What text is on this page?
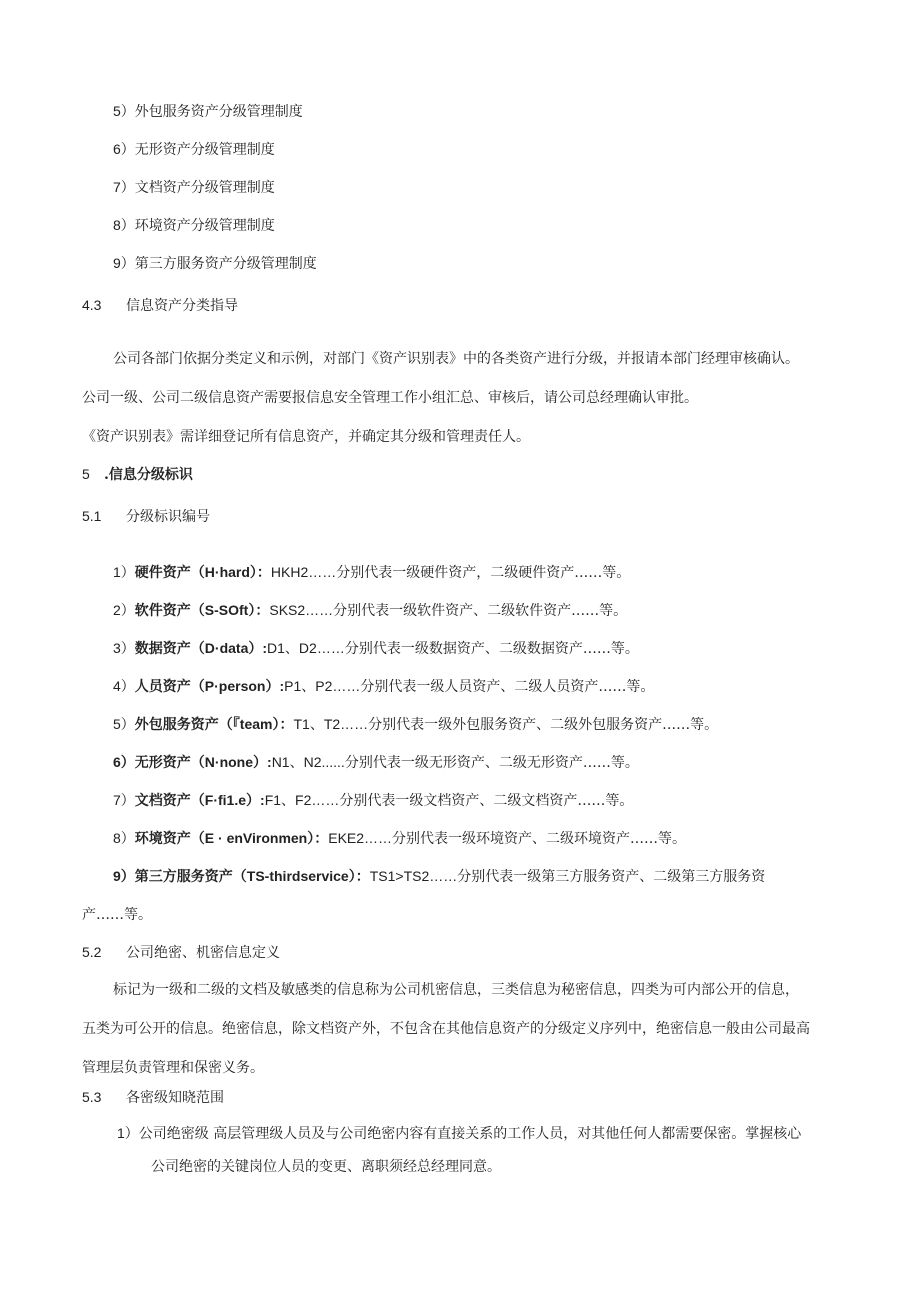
5）外包服务资产分级管理制度
6）无形资产分级管理制度
7）文档资产分级管理制度
8）环境资产分级管理制度
9）第三方服务资产分级管理制度
4.3 信息资产分类指导
公司各部门依据分类定义和示例，对部门《资产识别表》中的各类资产进行分级，并报请本部门经理审核确认。
公司一级、公司二级信息资产需要报信息安全管理工作小组汇总、审核后，请公司总经理确认审批。
《资产识别表》需详细登记所有信息资产，并确定其分级和管理责任人。
5 .信息分级标识
5.1 分级标识编号
1）硬件资产（H·hard）：HKH2……分别代表一级硬件资产，二级硬件资产……等。
2）软件资产（S-SOft）：SKS2……分别代表一级软件资产、二级软件资产……等。
3）数据资产（D·data）:D1、D2……分别代表一级数据资产、二级数据资产……等。
4）人员资产（P·person）:P1、P2……分别代表一级人员资产、二级人员资产……等。
5）外包服务资产（『team）：T1、T2……分别代表一级外包服务资产、二级外包服务资产……等。
6）无形资产（N·none）:N1、N2......分别代表一级无形资产、二级无形资产……等。
7）文档资产（F·fi1.e）:F1、F2……分别代表一级文档资产、二级文档资产……等。
8）环境资产（E · enVironmen）：EKE2……分别代表一级环境资产、二级环境资产……等。
9）第三方服务资产（TS-thirdservice）：TS1>TS2……分别代表一级第三方服务资产、二级第三方服务资
产……等。
5.2 公司绝密、机密信息定义
标记为一级和二级的文档及敏感类的信息称为公司机密信息，三类信息为秘密信息，四类为可内部公开的信息，
五类为可公开的信息。绝密信息，除文档资产外，不包含在其他信息资产的分级定义序列中，绝密信息一般由公司最高
管理层负责管理和保密义务。
5.3 各密级知晓范围
1）公司绝密级 高层管理级人员及与公司绝密内容有直接关系的工作人员，对其他任何人都需要保密。掌握核心
公司绝密的关键岗位人员的变更、离职须经总经理同意。
